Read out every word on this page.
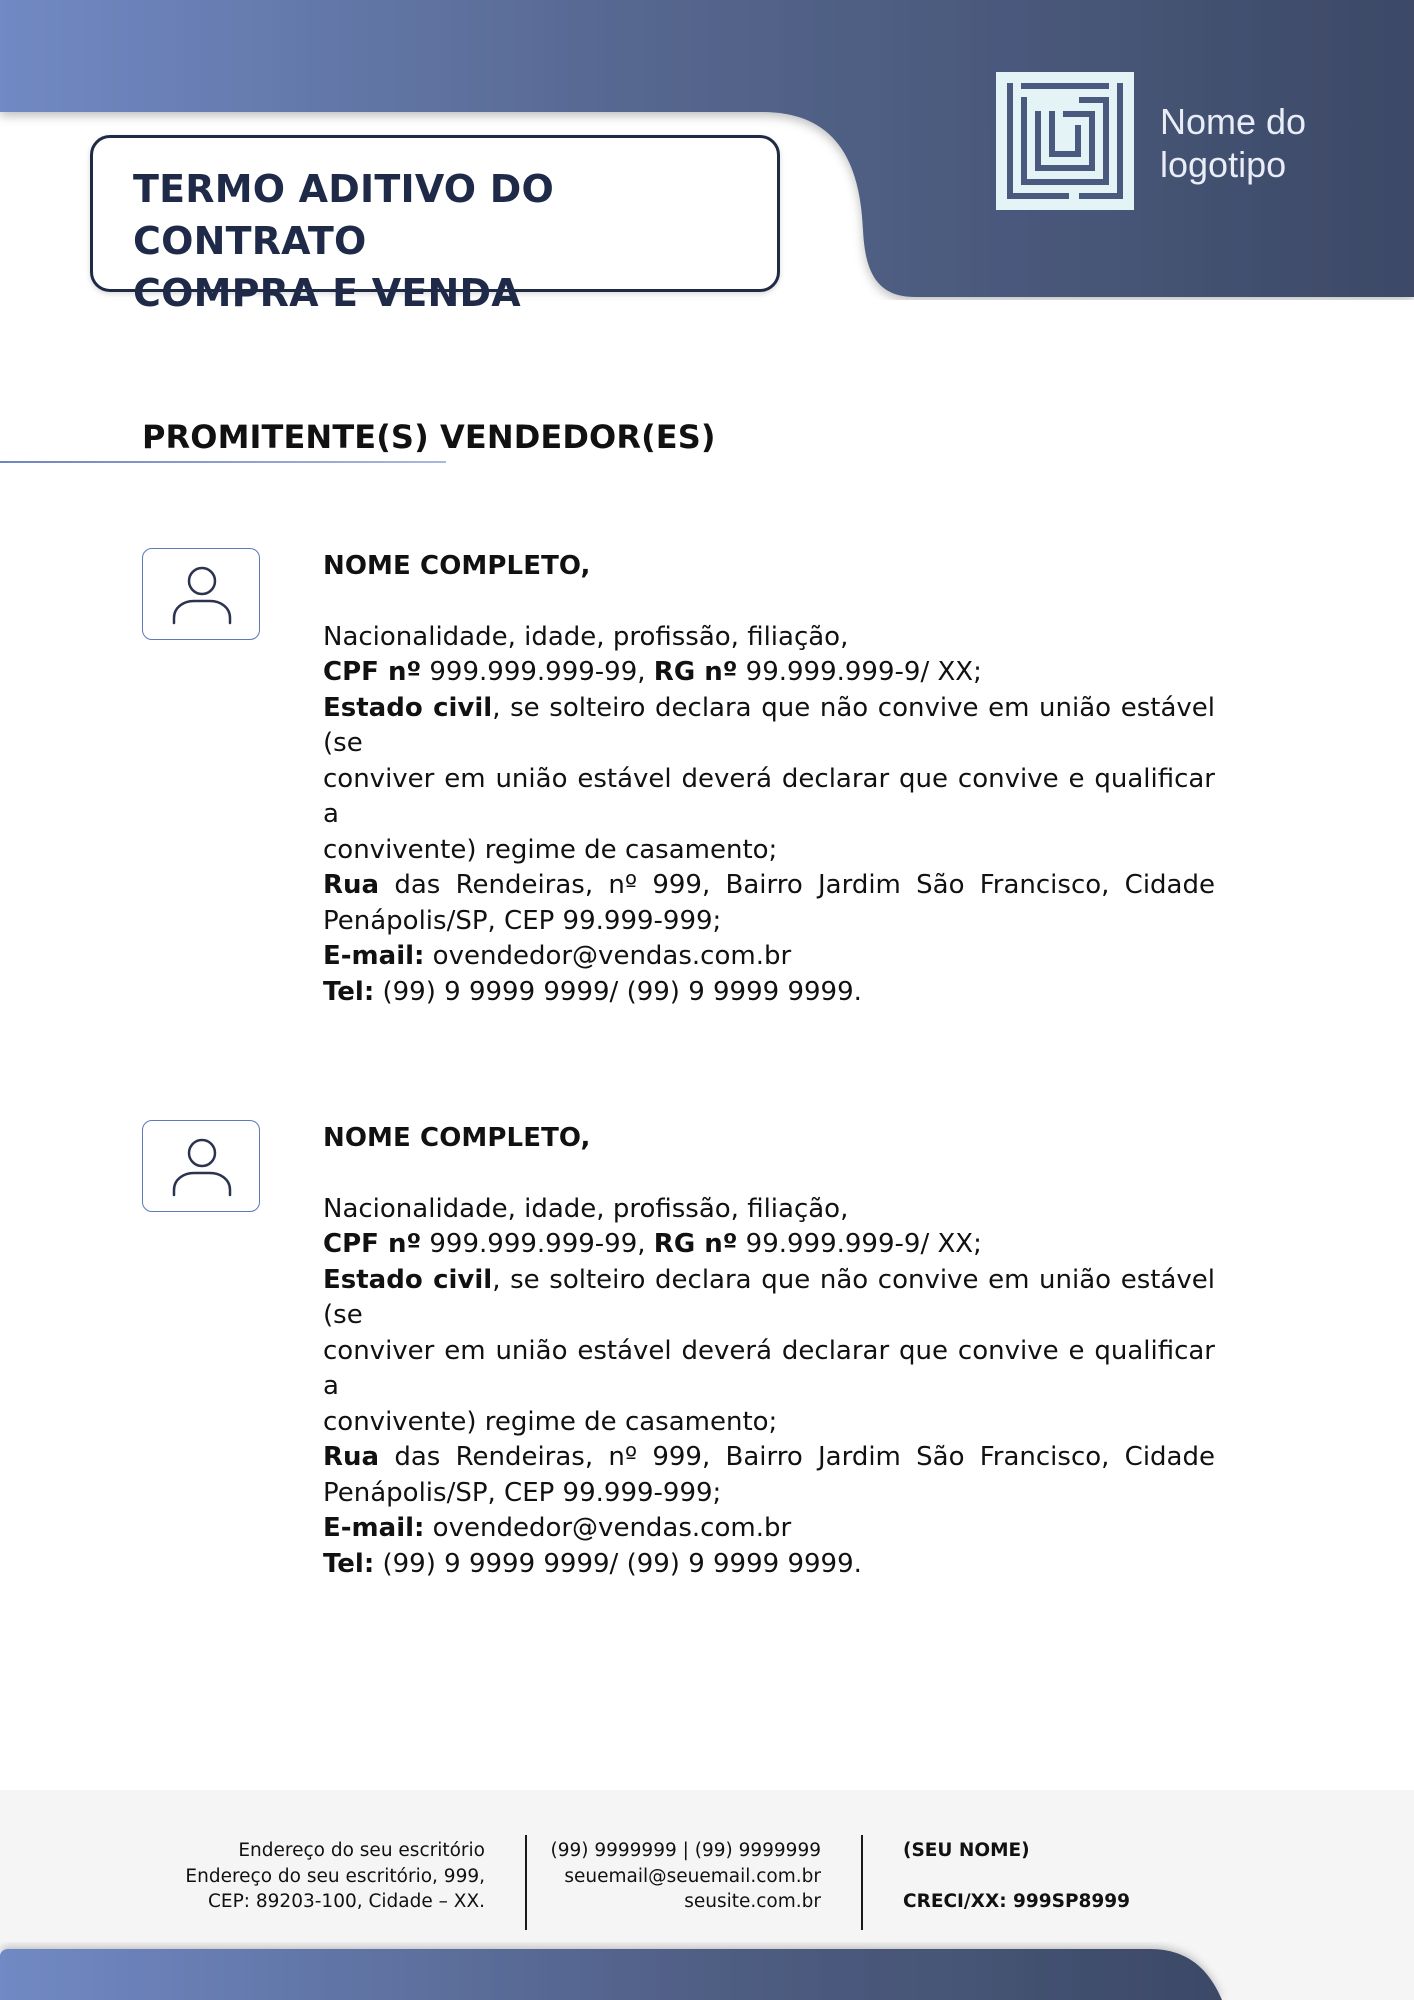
TERMO ADITIVO DO CONTRATO
COMPRA E VENDA
Nome do
logotipo
PROMITENTE(S) VENDEDOR(ES)
NOME COMPLETO,
Nacionalidade, idade, profissão, filiação,
CPF nº 999.999.999-99, RG nº 99.999.999-9/ XX;
Estado civil, se solteiro declara que não convive em união estável (se
conviver em união estável deverá declarar que convive e qualificar a
convivente) regime de casamento;
Rua das Rendeiras, nº 999, Bairro Jardim São Francisco, Cidade
Penápolis/SP, CEP 99.999-999;
E-mail: ovendedor@vendas.com.br
Tel: (99) 9 9999 9999/ (99) 9 9999 9999.
NOME COMPLETO,
Nacionalidade, idade, profissão, filiação,
CPF nº 999.999.999-99, RG nº 99.999.999-9/ XX;
Estado civil, se solteiro declara que não convive em união estável (se
conviver em união estável deverá declarar que convive e qualificar a
convivente) regime de casamento;
Rua das Rendeiras, nº 999, Bairro Jardim São Francisco, Cidade
Penápolis/SP, CEP 99.999-999;
E-mail: ovendedor@vendas.com.br
Tel: (99) 9 9999 9999/ (99) 9 9999 9999.
Endereço do seu escritório
Endereço do seu escritório, 999,
CEP: 89203-100, Cidade – XX.
(99) 9999999 | (99) 9999999
seuemail@seuemail.com.br
seusite.com.br
(SEU NOME)
CRECI/XX: 999SP8999
